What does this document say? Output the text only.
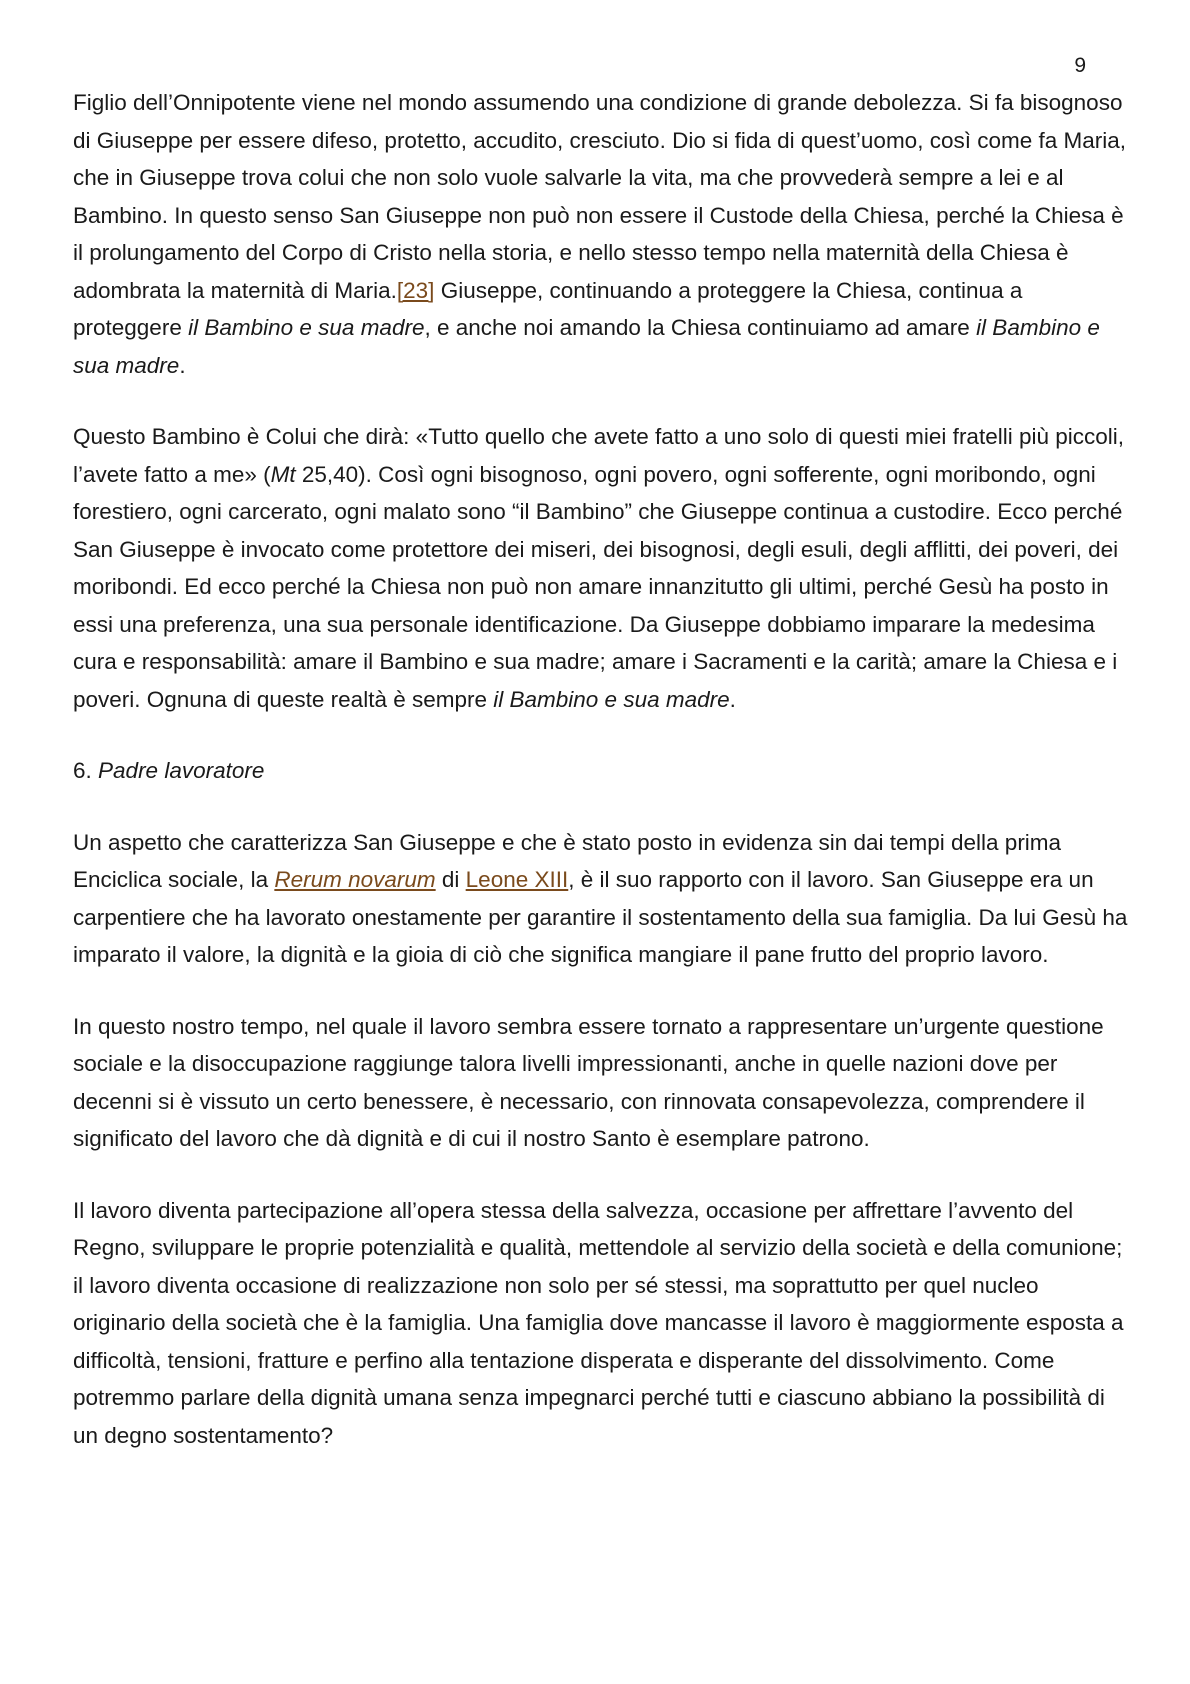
9

Figlio dell’Onnipotente viene nel mondo assumendo una condizione di grande debolezza. Si fa bisognoso di Giuseppe per essere difeso, protetto, accudito, cresciuto. Dio si fida di quest’uomo, così come fa Maria, che in Giuseppe trova colui che non solo vuole salvarle la vita, ma che provvederà sempre a lei e al Bambino. In questo senso San Giuseppe non può non essere il Custode della Chiesa, perché la Chiesa è il prolungamento del Corpo di Cristo nella storia, e nello stesso tempo nella maternità della Chiesa è adombrata la maternità di Maria.[23] Giuseppe, continuando a proteggere la Chiesa, continua a proteggere il Bambino e sua madre, e anche noi amando la Chiesa continuiamo ad amare il Bambino e sua madre.

Questo Bambino è Colui che dirà: «Tutto quello che avete fatto a uno solo di questi miei fratelli più piccoli, l’avete fatto a me» (Mt 25,40). Così ogni bisognoso, ogni povero, ogni sofferente, ogni moribondo, ogni forestiero, ogni carcerato, ogni malato sono “il Bambino” che Giuseppe continua a custodire. Ecco perché San Giuseppe è invocato come protettore dei miseri, dei bisognosi, degli esuli, degli afflitti, dei poveri, dei moribondi. Ed ecco perché la Chiesa non può non amare innanzitutto gli ultimi, perché Gesù ha posto in essi una preferenza, una sua personale identificazione. Da Giuseppe dobbiamo imparare la medesima cura e responsabilità: amare il Bambino e sua madre; amare i Sacramenti e la carità; amare la Chiesa e i poveri. Ognuna di queste realtà è sempre il Bambino e sua madre.

6. Padre lavoratore

Un aspetto che caratterizza San Giuseppe e che è stato posto in evidenza sin dai tempi della prima Enciclica sociale, la Rerum novarum di Leone XIII, è il suo rapporto con il lavoro. San Giuseppe era un carpentiere che ha lavorato onestamente per garantire il sostentamento della sua famiglia. Da lui Gesù ha imparato il valore, la dignità e la gioia di ciò che significa mangiare il pane frutto del proprio lavoro.

In questo nostro tempo, nel quale il lavoro sembra essere tornato a rappresentare un’urgente questione sociale e la disoccupazione raggiunge talora livelli impressionanti, anche in quelle nazioni dove per decenni si è vissuto un certo benessere, è necessario, con rinnovata consapevolezza, comprendere il significato del lavoro che dà dignità e di cui il nostro Santo è esemplare patrono.

Il lavoro diventa partecipazione all’opera stessa della salvezza, occasione per affrettare l’avvento del Regno, sviluppare le proprie potenzialità e qualità, mettendole al servizio della società e della comunione; il lavoro diventa occasione di realizzazione non solo per sé stessi, ma soprattutto per quel nucleo originario della società che è la famiglia. Una famiglia dove mancasse il lavoro è maggiormente esposta a difficoltà, tensioni, fratture e perfino alla tentazione disperata e disperante del dissolvimento. Come potremmo parlare della dignità umana senza impegnarci perché tutti e ciascuno abbiano la possibilità di un degno sostentamento?
